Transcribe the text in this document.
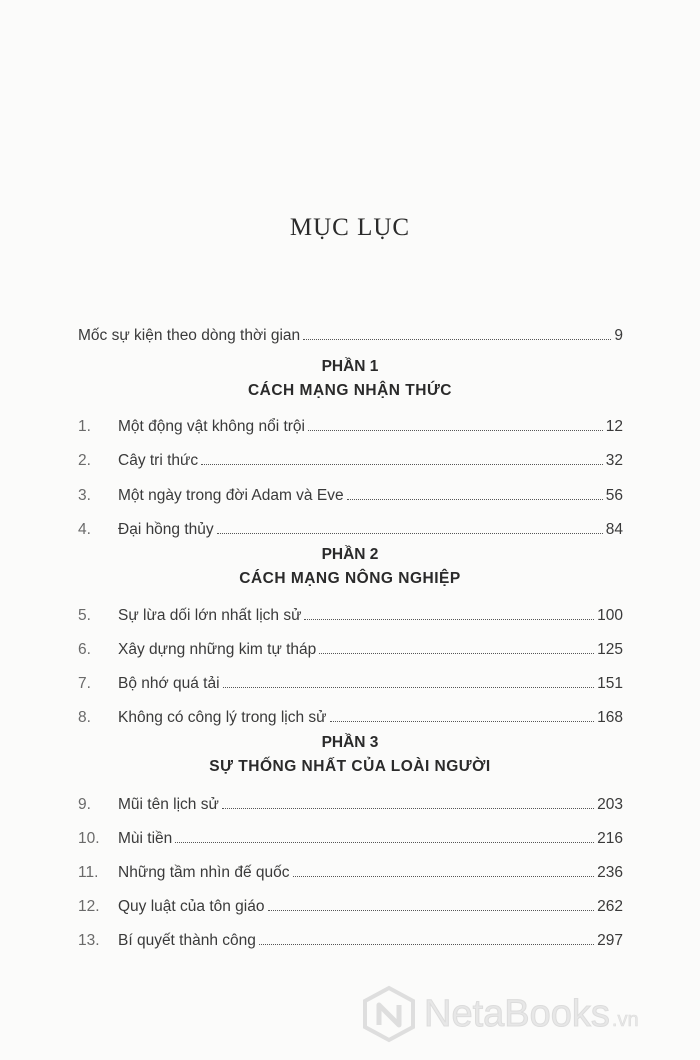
MỤC LỤC
Mốc sự kiện theo dòng thời gian	9
PHẦN 1
CÁCH MẠNG NHẬN THỨC
1.	Một động vật không nổi trội	12
2.	Cây tri thức	32
3.	Một ngày trong đời Adam và Eve	56
4.	Đại hồng thủy	84
PHẦN 2
CÁCH MẠNG NÔNG NGHIỆP
5.	Sự lừa dối lớn nhất lịch sử	100
6.	Xây dựng những kim tự tháp	125
7.	Bộ nhớ quá tải	151
8.	Không có công lý trong lịch sử	168
PHẦN 3
SỰ THỐNG NHẤT CỦA LOÀI NGƯỜI
9.	Mũi tên lịch sử	203
10.	Mùi tiền	216
11.	Những tầm nhìn đế quốc	236
12.	Quy luật của tôn giáo	262
13.	Bí quyết thành công	297
NetaBooks .vn
